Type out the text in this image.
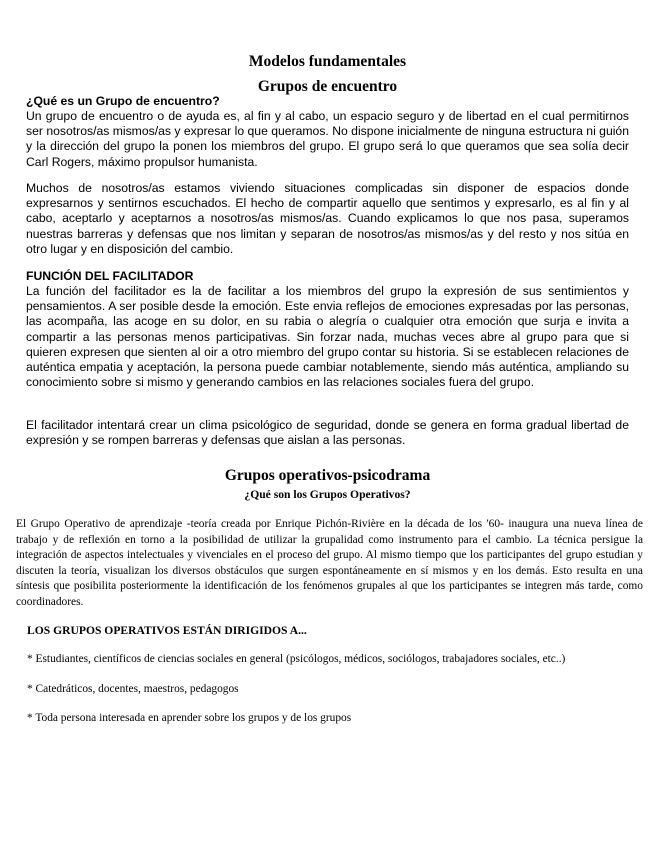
Modelos fundamentales
Grupos de encuentro

¿Qué es un Grupo de encuentro?

Un grupo de encuentro o de ayuda es, al fin y al cabo, un espacio seguro y de libertad en el cual permitirnos ser nosotros/as mismos/as y expresar lo que queramos. No dispone inicialmente de ninguna estructura ni guión y la dirección del grupo la ponen los miembros del grupo. El grupo será lo que queramos que sea solía decir Carl Rogers, máximo propulsor humanista.

Muchos de nosotros/as estamos viviendo situaciones complicadas sin disponer de espacios donde expresarnos y sentirnos escuchados. El hecho de compartir aquello que sentimos y expresarlo, es al fin y al cabo, aceptarlo y aceptarnos a nosotros/as mismos/as. Cuando explicamos lo que nos pasa, superamos nuestras barreras y defensas que nos limitan y separan de nosotros/as mismos/as y del resto y nos sitúa en otro lugar y en disposición del cambio.

FUNCIÓN DEL FACILITADOR

La función del facilitador es la de facilitar a los miembros del grupo la expresión de sus sentimientos y pensamientos. A ser posible desde la emoción. Este envia reflejos de emociones expresadas por las personas, las acompaña, las acoge en su dolor, en su rabia o alegría o cualquier otra emoción que surja e invita a compartir a las personas menos participativas. Sin forzar nada, muchas veces abre al grupo para que si quieren expresen que sienten al oir a otro miembro del grupo contar su historia. Si se establecen relaciones de auténtica empatia y aceptación, la persona puede cambiar notablemente, siendo más auténtica, ampliando su conocimiento sobre si mismo y generando cambios en las relaciones sociales fuera del grupo.

El facilitador intentará crear un clima psicológico de seguridad, donde se genera en forma gradual libertad de expresión y se rompen barreras y defensas que aislan a las personas.

Grupos operativos-psicodrama
¿Qué son los Grupos Operativos?

El Grupo Operativo de aprendizaje -teoría creada por Enrique Pichón-Rivière en la década de los '60- inaugura una nueva línea de trabajo y de reflexión en torno a la posibilidad de utilizar la grupalidad como instrumento para el cambio. La técnica persigue la integración de aspectos intelectuales y vivenciales en el proceso del grupo. Al mismo tiempo que los participantes del grupo estudian y discuten la teoría, visualizan los diversos obstáculos que surgen espontáneamente en sí mismos y en los demás. Esto resulta en una síntesis que posibilita posteriormente la identificación de los fenómenos grupales al que los participantes se integren más tarde, como coordinadores.

LOS GRUPOS OPERATIVOS ESTÁN DIRIGIDOS A...

* Estudiantes, científicos de ciencias sociales en general (psicólogos, médicos, sociólogos, trabajadores sociales, etc..)

* Catedráticos, docentes, maestros, pedagogos

* Toda persona interesada en aprender sobre los grupos y de los grupos
